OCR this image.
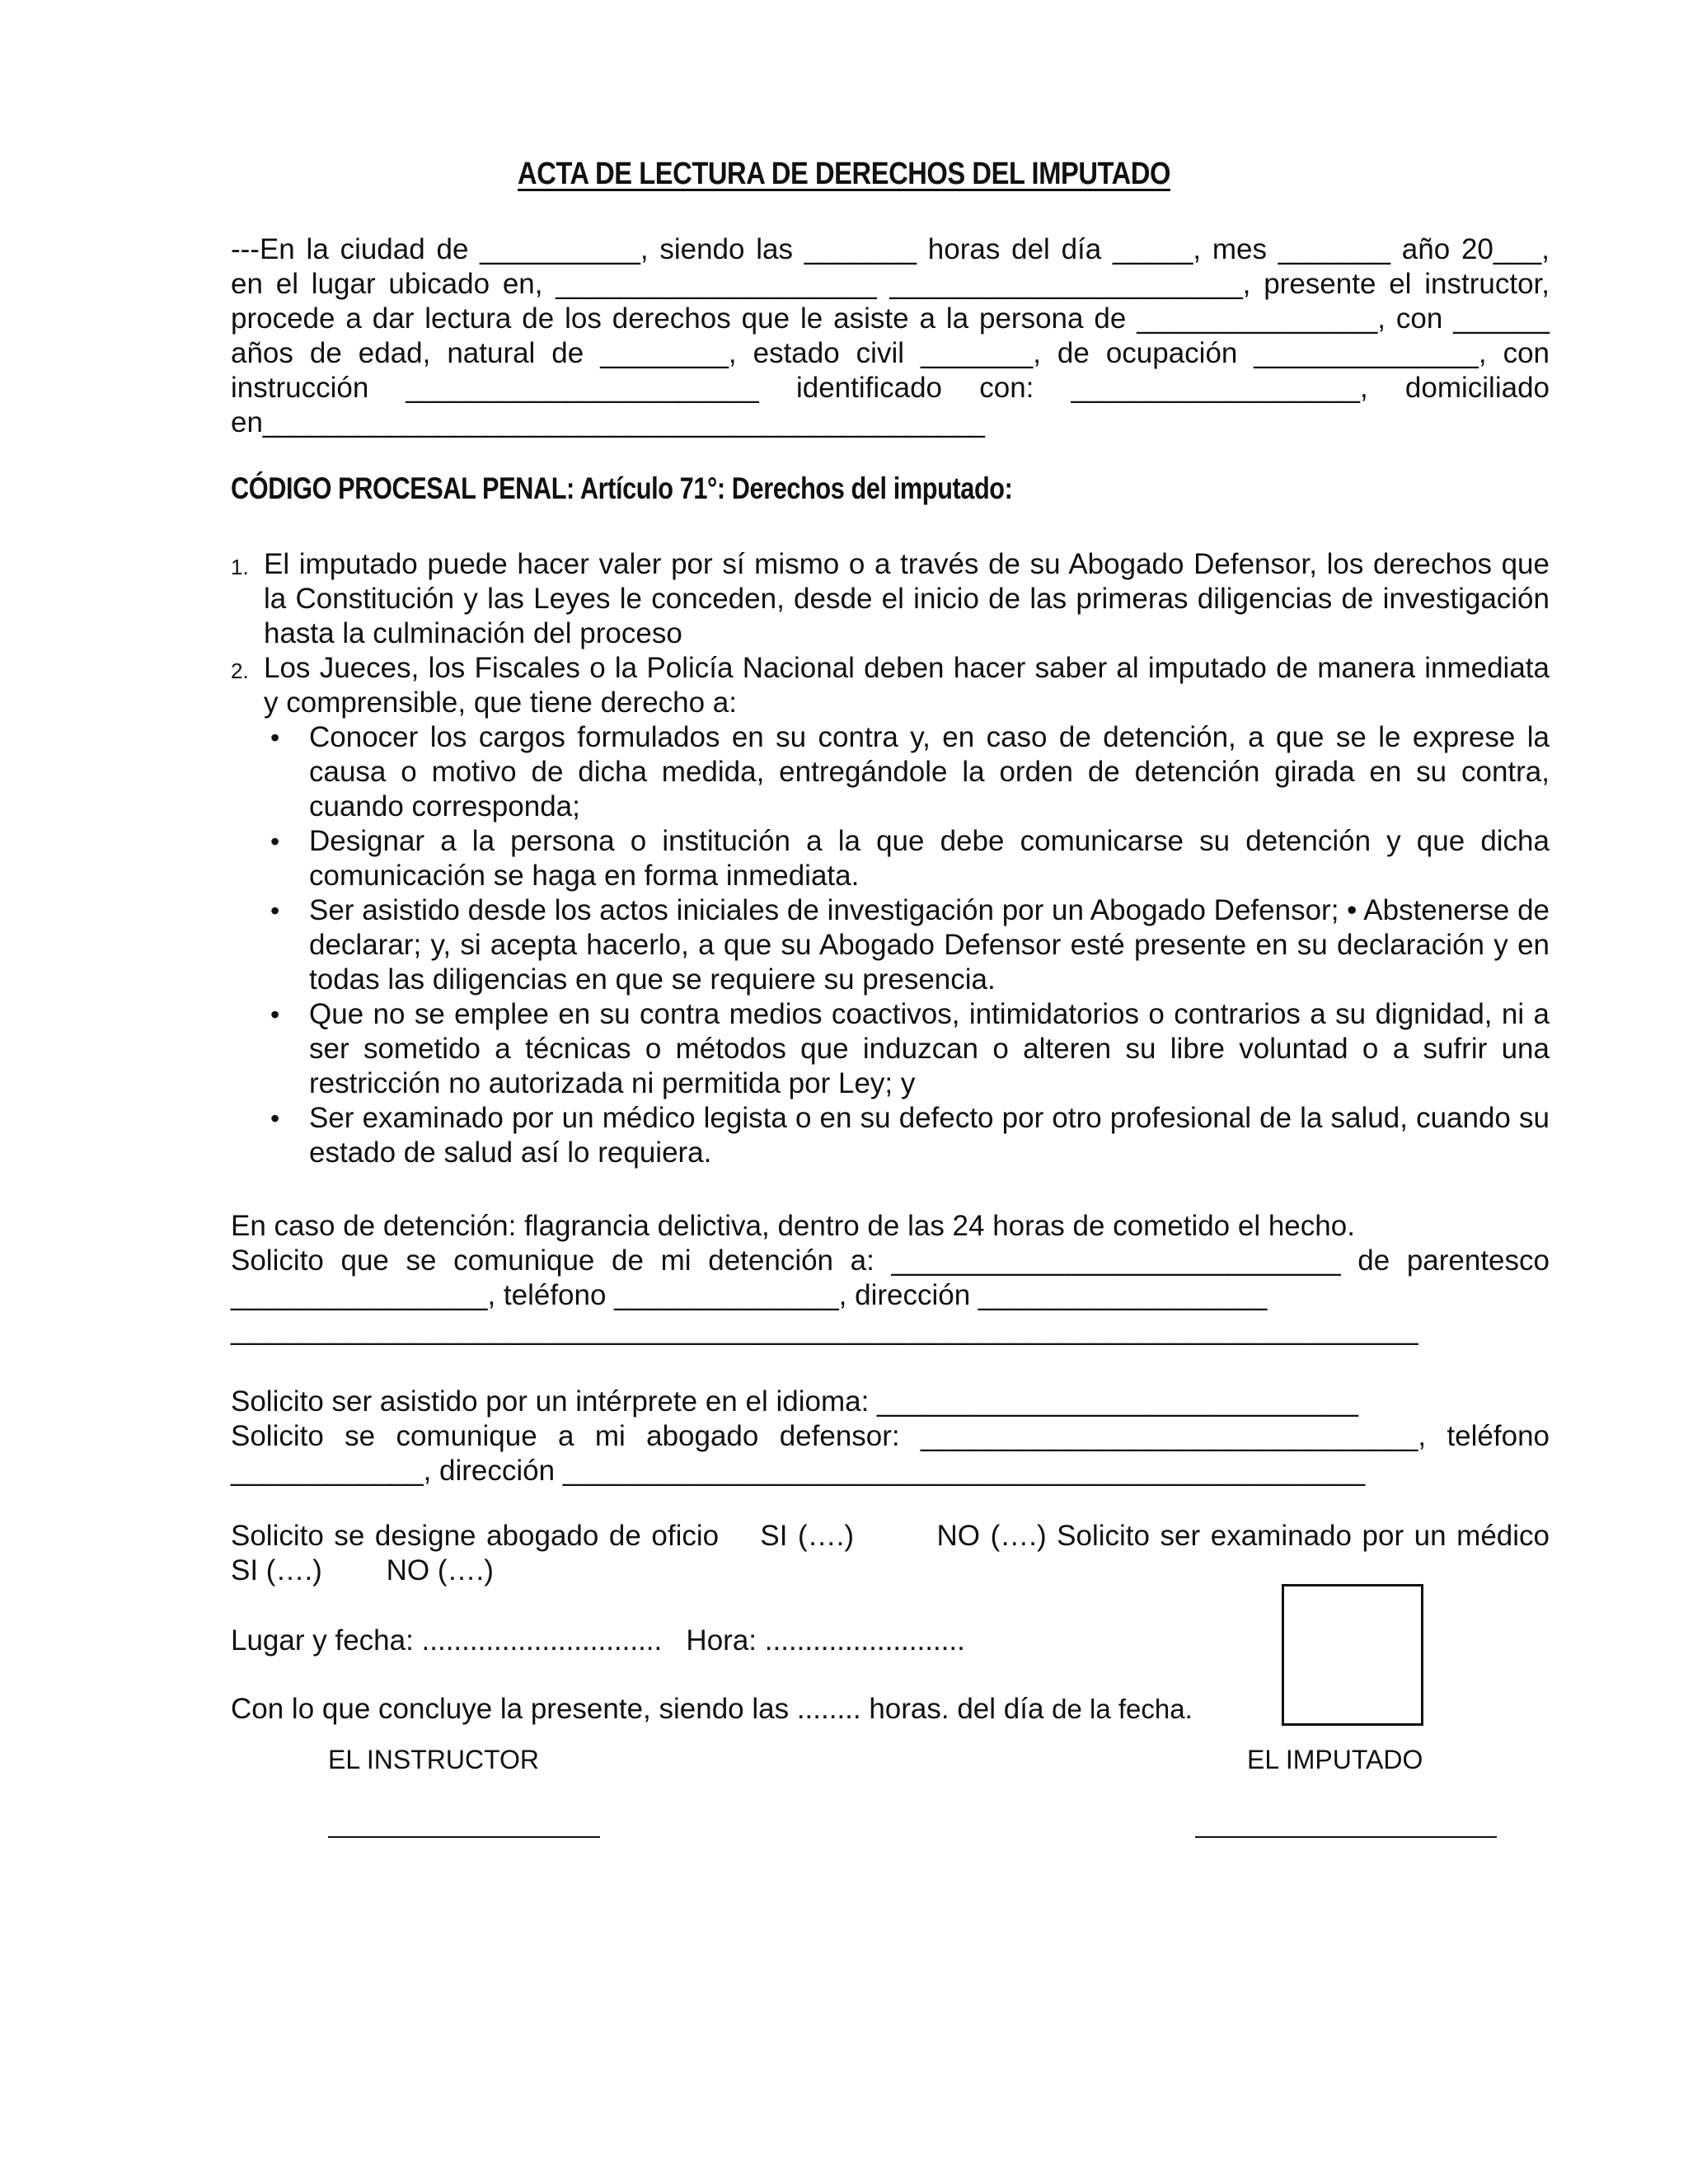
ACTA DE LECTURA DE DERECHOS DEL IMPUTADO

---En la ciudad de __________, siendo las _______ horas del día _____, mes _______ año 20___,

en el lugar ubicado en, ____________________ ______________________, presente el instructor,

procede a dar lectura de los derechos que le asiste a la persona de _______________, con ______

años de edad, natural de ________, estado civil _______, de ocupación ______________, con

instrucción ______________________ identificado con: __________________, domiciliado

en_____________________________________________

CÓDIGO PROCESAL PENAL: Artículo 71°: Derechos del imputado:
1. El imputado puede hacer valer por sí mismo o a través de su Abogado Defensor, los derechos que la Constitución y las Leyes le conceden, desde el inicio de las primeras diligencias de investigación hasta la culminación del proceso
2. Los Jueces, los Fiscales o la Policía Nacional deben hacer saber al imputado de manera inmediata y comprensible, que tiene derecho a:
• Conocer los cargos formulados en su contra y, en caso de detención, a que se le exprese la causa o motivo de dicha medida, entregándole la orden de detención girada en su contra, cuando corresponda;
• Designar a la persona o institución a la que debe comunicarse su detención y que dicha comunicación se haga en forma inmediata.
• Ser asistido desde los actos iniciales de investigación por un Abogado Defensor; • Abstenerse de declarar; y, si acepta hacerlo, a que su Abogado Defensor esté presente en su declaración y en todas las diligencias en que se requiere su presencia.
• Que no se emplee en su contra medios coactivos, intimidatorios o contrarios a su dignidad, ni a ser sometido a técnicas o métodos que induzcan o alteren su libre voluntad o a sufrir una restricción no autorizada ni permitida por Ley; y
• Ser examinado por un médico legista o en su defecto por otro profesional de la salud, cuando su estado de salud así lo requiera.

En caso de detención: flagrancia delictiva, dentro de las 24 horas de cometido el hecho.

Solicito que se comunique de mi detención a: ____________________________ de parentesco

________________, teléfono ______________, dirección __________________

__________________________________________________________________________

Solicito ser asistido por un intérprete en el idioma: ______________________________

Solicito se comunique a mi abogado defensor: _______________________________, teléfono

____________, dirección __________________________________________________

Solicito se designe abogado de oficio    SI (….)        NO (….) Solicito ser examinado por un médico

SI (….)        NO (….)

Lugar y fecha: ..............................   Hora: .........................
Con lo que concluye la presente, siendo las ........ horas. del día de la fecha.
EL INSTRUCTOR	EL IMPUTADO
